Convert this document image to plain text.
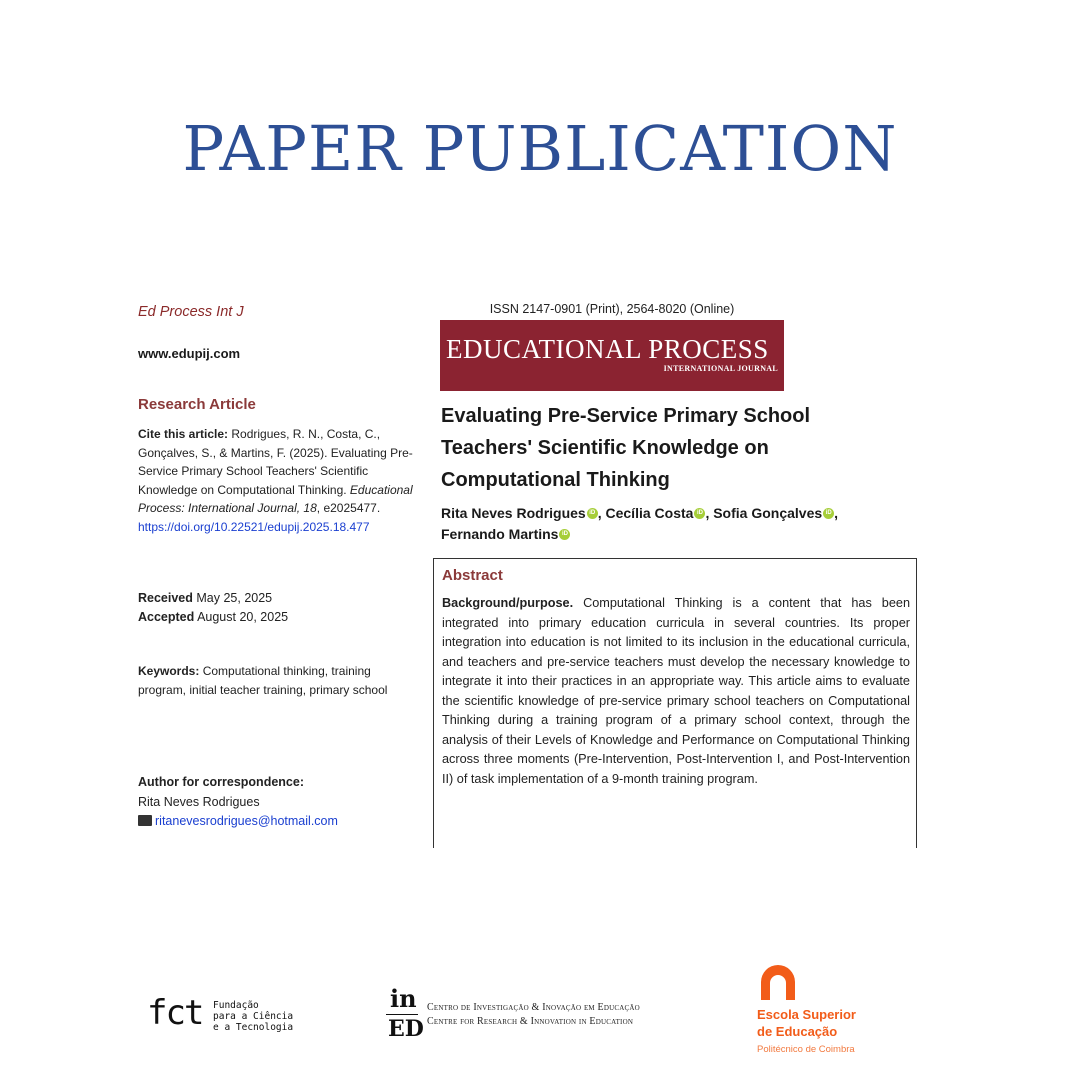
PAPER PUBLICATION
Ed Process Int J
www.edupij.com
Research Article
Cite this article: Rodrigues, R. N., Costa, C., Gonçalves, S., & Martins, F. (2025). Evaluating Pre-Service Primary School Teachers' Scientific Knowledge on Computational Thinking. Educational Process: International Journal, 18, e2025477.
https://doi.org/10.22521/edupij.2025.18.477
Received May 25, 2025
Accepted August 20, 2025
Keywords: Computational thinking, training program, initial teacher training, primary school
Author for correspondence:
Rita Neves Rodrigues
ritanevesrodrigues@hotmail.com
ISSN 2147-0901 (Print), 2564-8020 (Online)
EDUCATIONAL PROCESS
INTERNATIONAL JOURNAL
Evaluating Pre-Service Primary School Teachers' Scientific Knowledge on Computational Thinking
Rita Neves Rodrigues iD , Cecília Costa iD , Sofia Gonçalves iD ,
Fernando Martins iD
Abstract
Background/purpose. Computational Thinking is a content that has been integrated into primary education curricula in several countries. Its proper integration into education is not limited to its inclusion in the educational curricula, and teachers and pre-service teachers must develop the necessary knowledge to integrate it into their practices in an appropriate way. This article aims to evaluate the scientific knowledge of pre-service primary school teachers on Computational Thinking during a training program of a primary school context, through the analysis of their Levels of Knowledge and Performance on Computational Thinking across three moments (Pre-Intervention, Post-Intervention I, and Post-Intervention II) of task implementation of a 9-month training program.
fct Fundação
para a Ciência
e a Tecnologia
in
ED
Centro de Investigação & Inovação em Educação
Centre for Research & Innovation in Education	Escola Superior
de Educação
Politécnico de Coimbra
